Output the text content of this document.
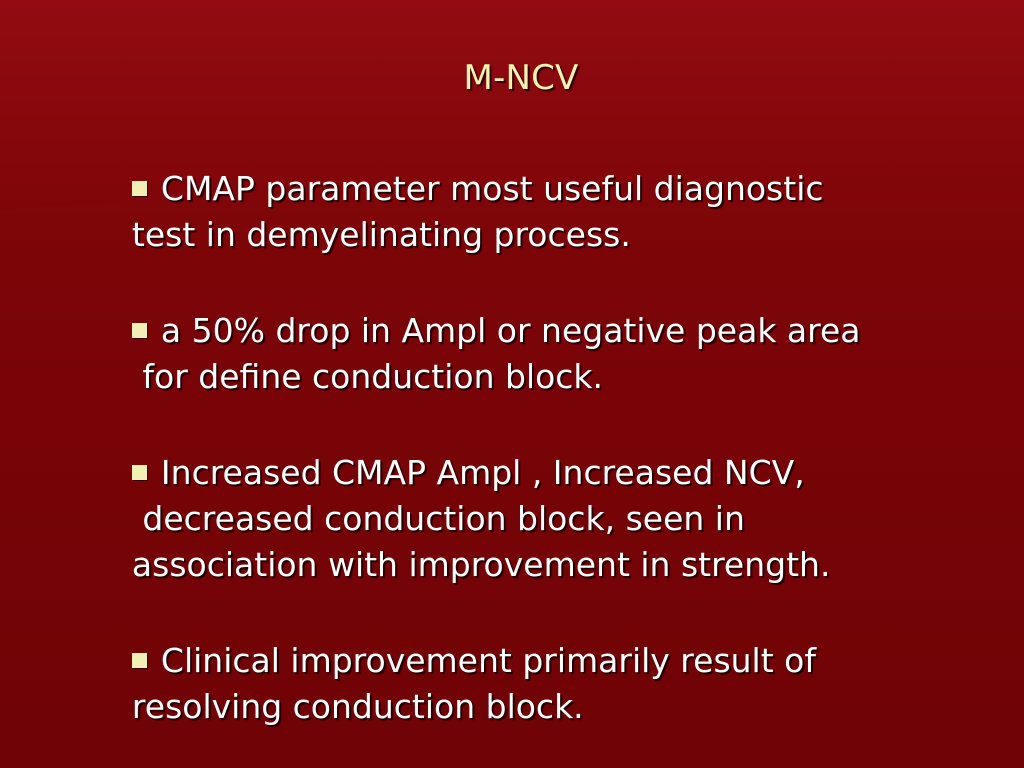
M-NCV

CMAP parameter most useful diagnostic

test in demyelinating process.

a 50% drop in Ampl or negative peak area

for define conduction block.

Increased CMAP Ampl , Increased NCV,

decreased conduction block, seen in

association with improvement in strength.

Clinical improvement primarily result of

resolving conduction block.
